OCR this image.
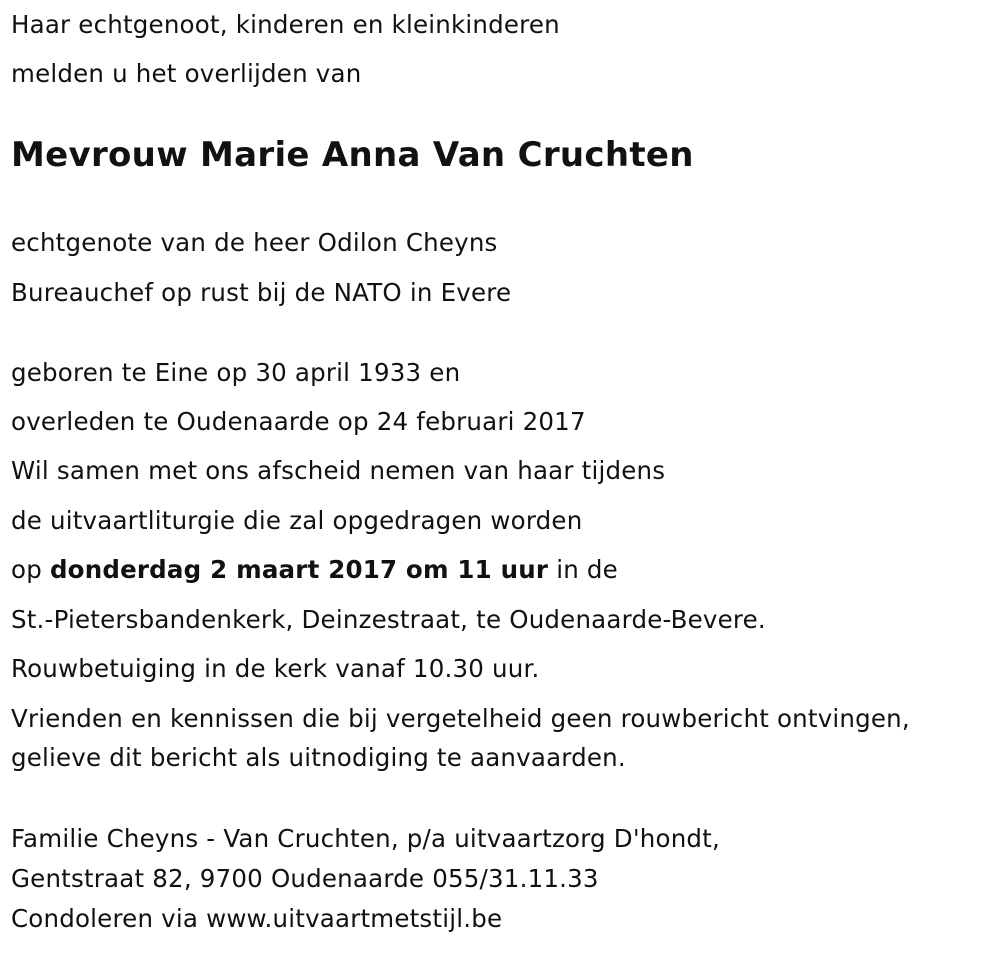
Haar echtgenoot, kinderen en kleinkinderen
melden u het overlijden van
Mevrouw Marie Anna Van Cruchten
echtgenote van de heer Odilon Cheyns
Bureauchef op rust bij de NATO in Evere
geboren te Eine op 30 april 1933 en
overleden te Oudenaarde op 24 februari 2017
Wil samen met ons afscheid nemen van haar tijdens
de uitvaartliturgie die zal opgedragen worden
op donderdag 2 maart 2017 om 11 uur in de
St.-Pietersbandenkerk, Deinzestraat, te Oudenaarde-Bevere.
Rouwbetuiging in de kerk vanaf 10.30 uur.
Vrienden en kennissen die bij vergetelheid geen rouwbericht ontvingen,
gelieve dit bericht als uitnodiging te aanvaarden.
Familie Cheyns - Van Cruchten, p/a uitvaartzorg D'hondt,
Gentstraat 82, 9700 Oudenaarde 055/31.11.33
Condoleren via www.uitvaartmetstijl.be
